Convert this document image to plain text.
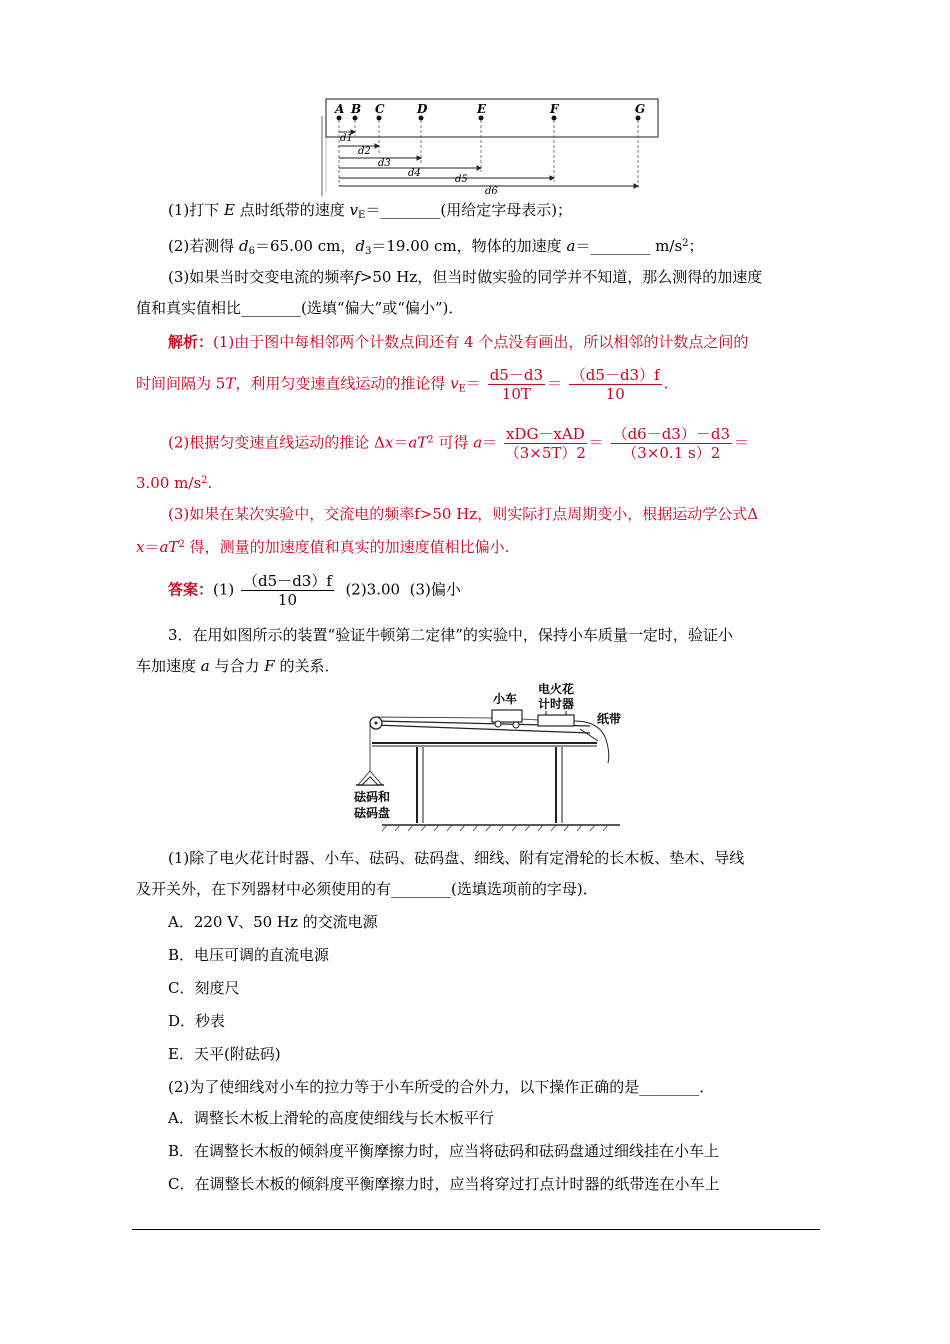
A B C	D	E	F	G
d1
d2
d3
d4
d5
d6
(1)打下 E 点时纸带的速度 $v_E=\_\_\_\_\_\_\_\_$(用给定字母表示)；
(2)若测得 $d_6=65.00$ cm，$d_3=19.00$ cm，物体的加速度 a＝________ $m/s^2$；
(3)如果当时交变电流的频率f>50 Hz，但当时做实验的同学并不知道，那么测得的加速度
值和真实值相比________(选填“偏大”或“偏小”)．
解析：(1)由于图中每相邻两个计数点间还有 4 个点没有画出，所以相邻的计数点之间的
时间间隔为 5T，利用匀变速直线运动的推论得 $v_E= \frac{d5-d3}{10T} = \frac{(d5-d3)f}{10}$ .
(2)根据匀变速直线运动的推论 $\Delta x=aT^2$ 可得 $a= \frac{\text{xDG－xAD}}{(3\times 5T)2} = \frac{(d6-d3)-d3}{(3\times 0.1 s)2}$ ＝
3.00 $m/s^2$.
(3)如果在某次实验中，交流电的频率f>50 Hz，则实际打点周期变小，根据运动学公式Δ
$x=aT^2$ 得，测量的加速度值和真实的加速度值相比偏小.
答案：$(1) \frac{(d5-d3)f}{10} (2)3.00$ (3)偏小
3．在用如图所示的装置“验证牛顿第二定律”的实验中，保持小车质量一定时，验证小
车加速度 a 与合力 F 的关系．
小车
电火花
计时器
纸带
砝码和
砝码盘
(1)除了电火花计时器、小车、砝码、砝码盘、细线、附有定滑轮的长木板、垫木、导线
及开关外，在下列器材中必须使用的有________(选填选项前的字母)．
A．220 V、50 Hz 的交流电源
B．电压可调的直流电源
C．刻度尺
D．秒表
E．天平(附砝码)
(2)为了使细线对小车的拉力等于小车所受的合外力，以下操作正确的是________．
A．调整长木板上滑轮的高度使细线与长木板平行
B．在调整长木板的倾斜度平衡摩擦力时，应当将砝码和砝码盘通过细线挂在小车上
C．在调整长木板的倾斜度平衡摩擦力时，应当将穿过打点计时器的纸带连在小车上
